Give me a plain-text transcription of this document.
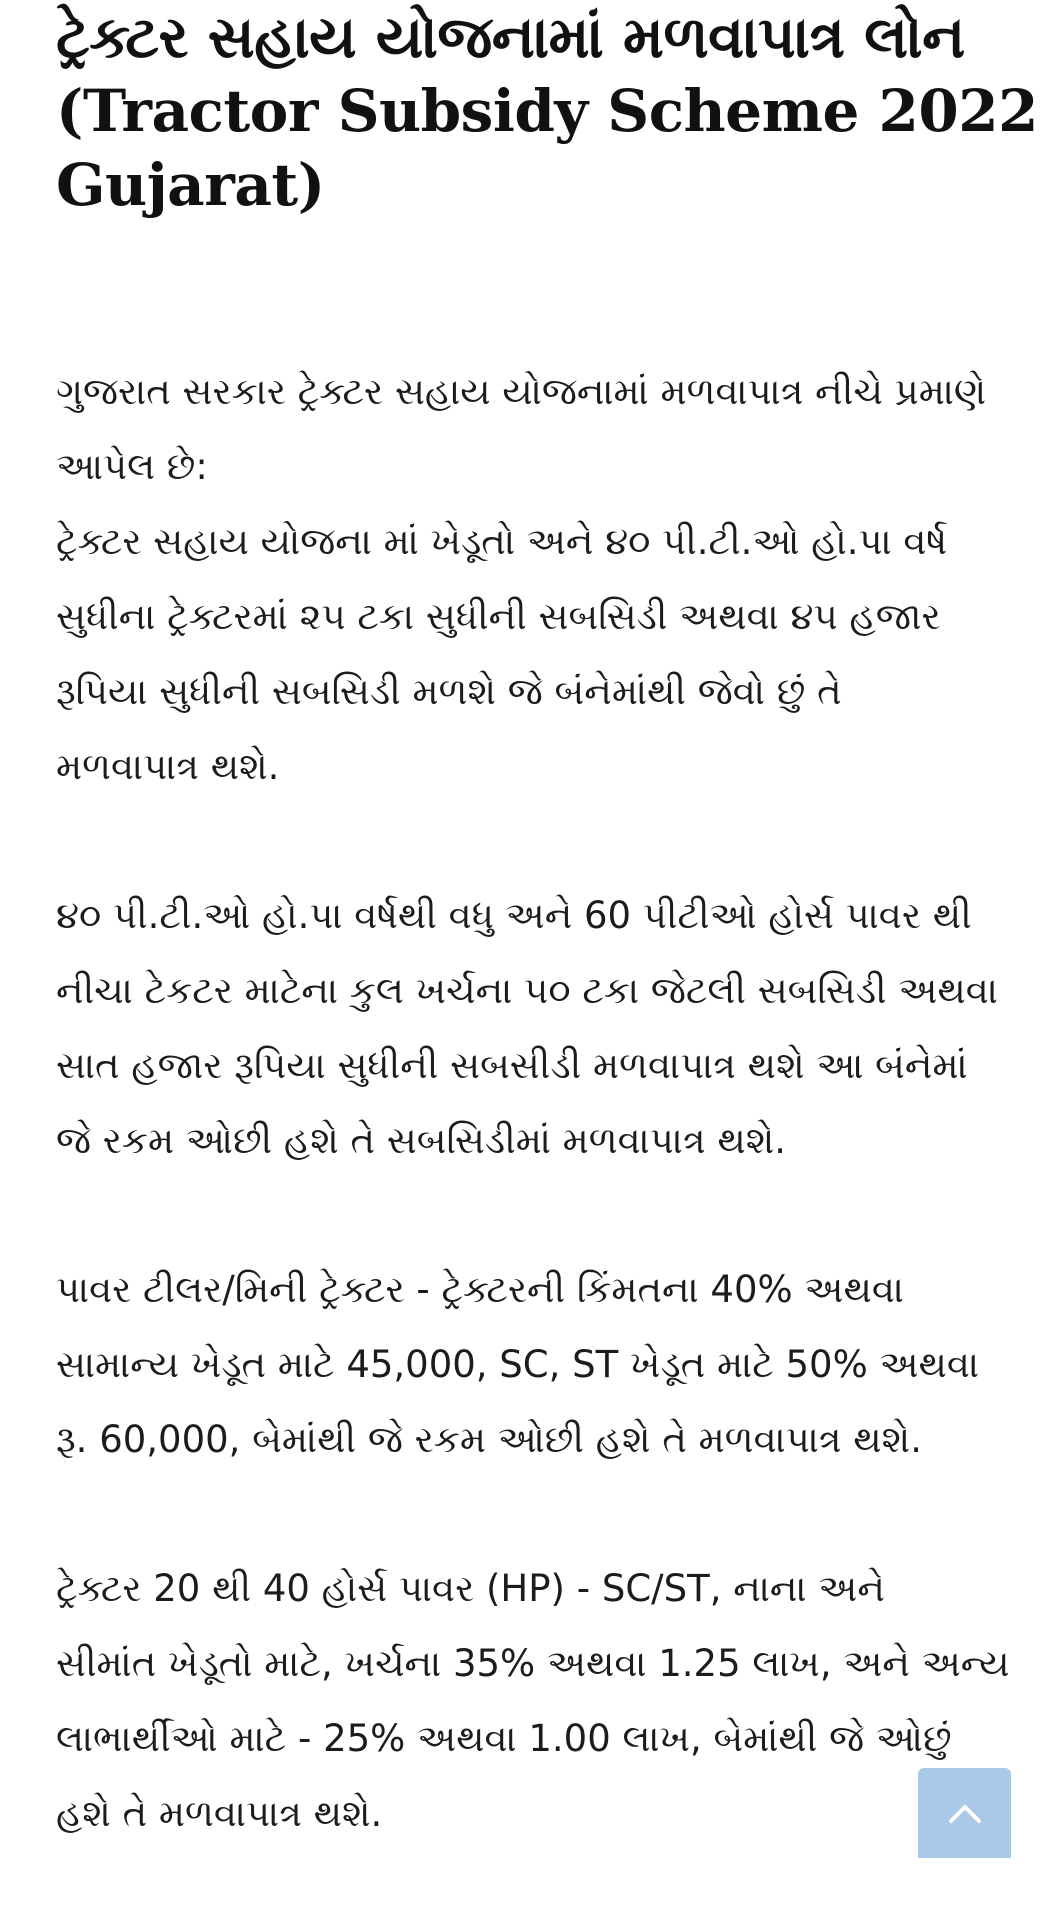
ટ્રેક્ટર સહાય યોજનામાં મળવાપાત્ર લોન
(Tractor Subsidy Scheme 2022
Gujarat)

ગુજરાત સરકાર ટ્રેક્ટર સહાય યોજનામાં મળવાપાત્ર નીચે પ્રમાણે
આપેલ છે:
ટ્રેક્ટર સહાય યોજના માં ખેડૂતો અને ૪૦ પી.ટી.ઓ હો.પા વર્ષ
સુધીના ટ્રેક્ટરમાં ૨૫ ટકા સુધીની સબસિડી અથવા ૪૫ હજાર
રૂપિયા સુધીની સબસિડી મળશે જે બંનેમાંથી જેવો છું તે
મળવાપાત્ર થશે.

૪૦ પી.ટી.ઓ હો.પા વર્ષથી વધુ અને 60 પીટીઓ હોર્સ પાવર થી
નીચા ટેકટર માટેના કુલ ખર્ચના ૫૦ ટકા જેટલી સબસિડી અથવા
સાત હજાર રૂપિયા સુધીની સબસીડી મળવાપાત્ર થશે આ બંનેમાં
જે રકમ ઓછી હશે તે સબસિડીમાં મળવાપાત્ર થશે.

પાવર ટીલર/મિની ટ્રેક્ટર - ટ્રેક્ટરની કિંમતના 40% અથવા
સામાન્ય ખેડૂત માટે 45,000, SC, ST ખેડૂત માટે 50% અથવા
રૂ. 60,000, બેમાંથી જે રકમ ઓછી હશે તે મળવાપાત્ર થશે.

ટ્રેક્ટર 20 થી 40 હોર્સ પાવર (HP) - SC/ST, નાના અને
સીમાંત ખેડૂતો માટે, ખર્ચના 35% અથવા 1.25 લાખ, અને અન્ય
લાભાર્થીઓ માટે - 25% અથવા 1.00 લાખ, બેમાંથી જે ઓછું
હશે તે મળવાપાત્ર થશે.
